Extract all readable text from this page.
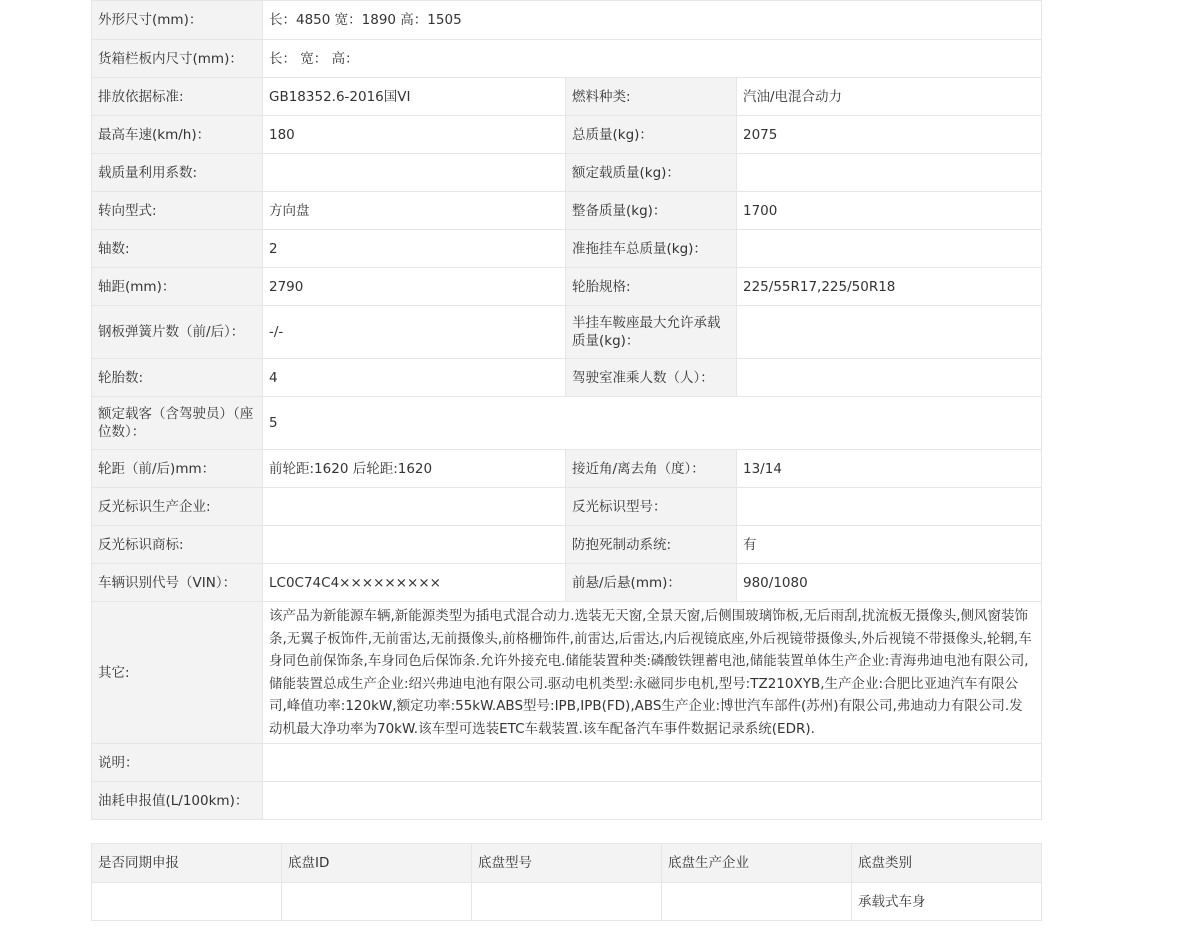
外形尺寸(mm)：	长：4850 宽：1890 高：1505		
货箱栏板内尺寸(mm)：	长： 宽： 高：		
排放依据标准:	GB18352.6-2016国VI	燃料种类:	汽油/电混合动力
最高车速(km/h)：	180	总质量(kg)：	2075
载质量利用系数:		额定载质量(kg)：	
转向型式:	方向盘	整备质量(kg)：	1700
轴数:	2	准拖挂车总质量(kg)：	
轴距(mm)：	2790	轮胎规格:	225/55R17,225/50R18
钢板弹簧片数（前/后）：	-/-	半挂车鞍座最大允许承载质量(kg)：	
轮胎数:	4	驾驶室准乘人数（人）：	
额定载客（含驾驶员）（座位数）：	5		
轮距（前/后)mm：	前轮距:1620 后轮距:1620	接近角/离去角（度）：	13/14
反光标识生产企业:		反光标识型号：	
反光标识商标:		防抱死制动系统:	有
车辆识别代号（VIN）：	LC0C74C4×××××××××	前悬/后悬(mm)：	980/1080
其它:	该产品为新能源车辆,新能源类型为插电式混合动力.选装无天窗,全景天窗,后侧围玻璃饰板,无后雨刮,扰流板无摄像头,侧风窗装饰条,无翼子板饰件,无前雷达,无前摄像头,前格栅饰件,前雷达,后雷达,内后视镜底座,外后视镜带摄像头,外后视镜不带摄像头,轮辋,车身同色前保饰条,车身同色后保饰条.允许外接充电.储能装置种类:磷酸铁锂蓄电池,储能装置单体生产企业:青海弗迪电池有限公司,储能装置总成生产企业:绍兴弗迪电池有限公司.驱动电机类型:永磁同步电机,型号:TZ210XYB,生产企业:合肥比亚迪汽车有限公司,峰值功率:120kW,额定功率:55kW.ABS型号:IPB,IPB(FD),ABS生产企业:博世汽车部件(苏州)有限公司,弗迪动力有限公司.发动机最大净功率为70kW.该车型可选装ETC车载装置.该车配备汽车事件数据记录系统(EDR).		
说明：			
油耗申报值(L/100km)：			
是否同期申报	底盘ID	底盘型号	底盘生产企业	底盘类别
				承载式车身
